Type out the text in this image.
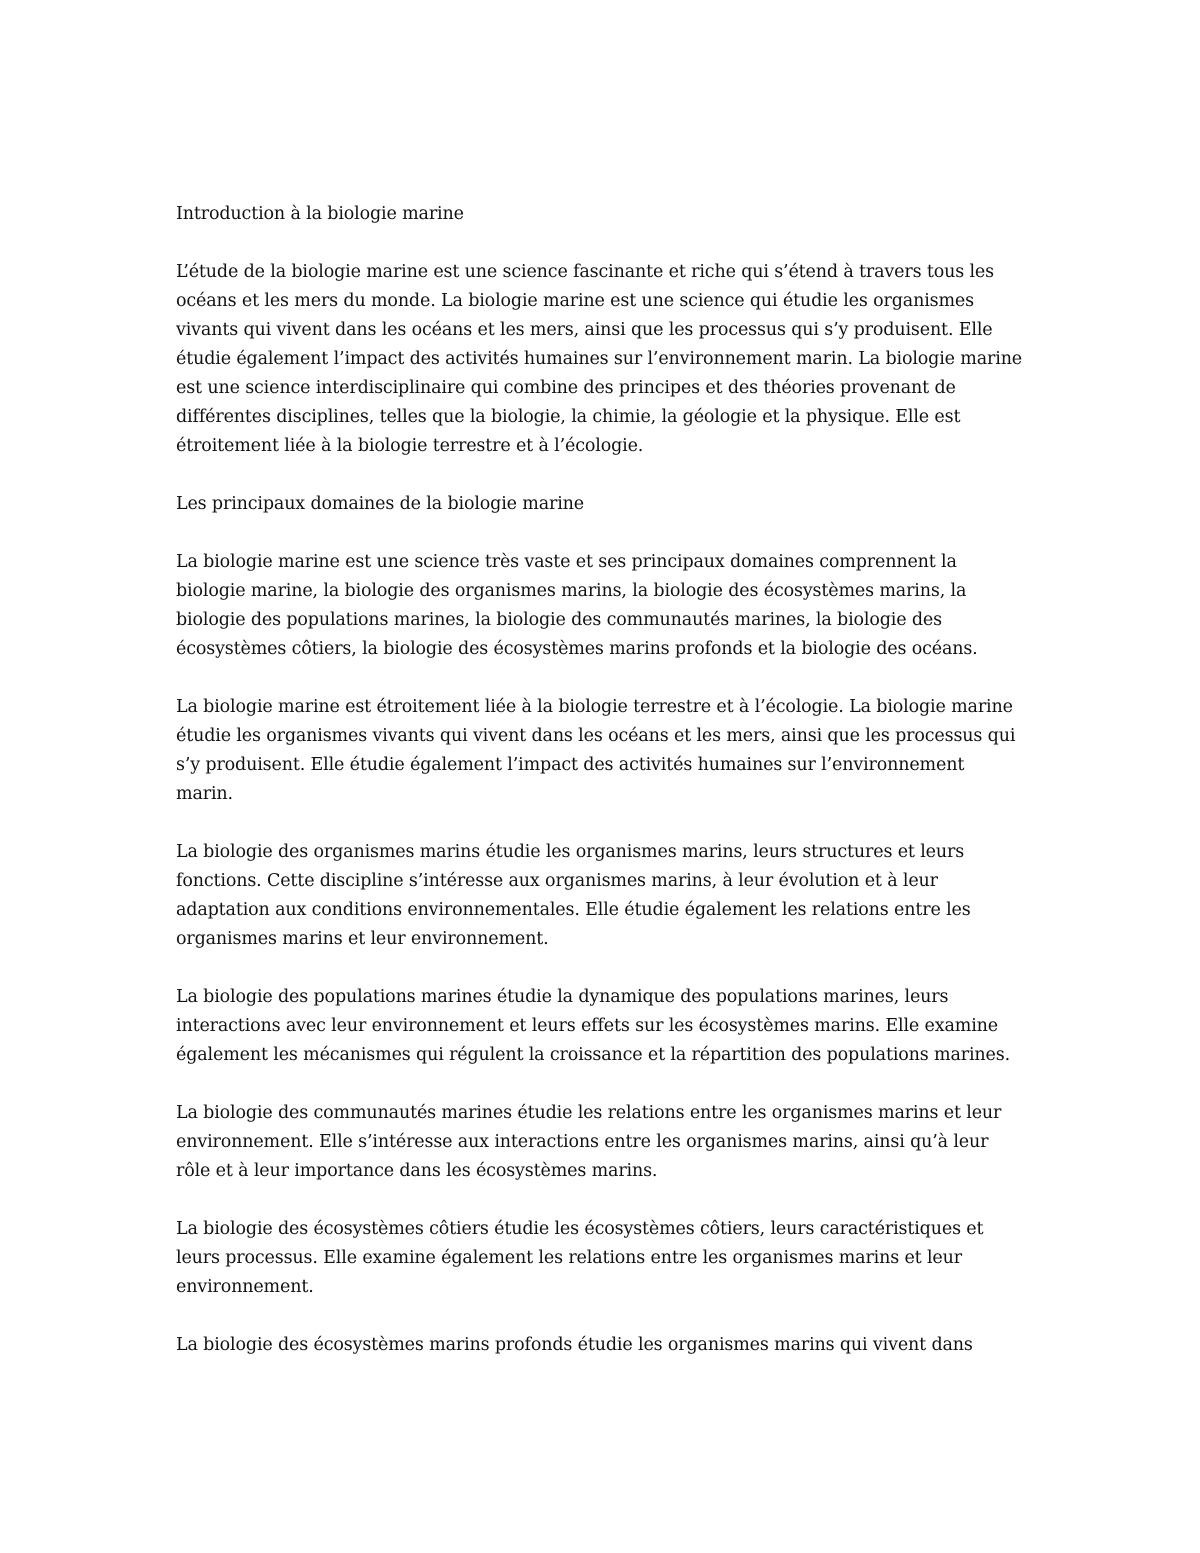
Introduction à la biologie marine

L’étude de la biologie marine est une science fascinante et riche qui s’étend à travers tous les océans et les mers du monde. La biologie marine est une science qui étudie les organismes vivants qui vivent dans les océans et les mers, ainsi que les processus qui s’y produisent. Elle étudie également l’impact des activités humaines sur l’environnement marin. La biologie marine est une science interdisciplinaire qui combine des principes et des théories provenant de différentes disciplines, telles que la biologie, la chimie, la géologie et la physique. Elle est étroitement liée à la biologie terrestre et à l’écologie.

Les principaux domaines de la biologie marine

La biologie marine est une science très vaste et ses principaux domaines comprennent la biologie marine, la biologie des organismes marins, la biologie des écosystèmes marins, la biologie des populations marines, la biologie des communautés marines, la biologie des écosystèmes côtiers, la biologie des écosystèmes marins profonds et la biologie des océans.

La biologie marine est étroitement liée à la biologie terrestre et à l’écologie. La biologie marine étudie les organismes vivants qui vivent dans les océans et les mers, ainsi que les processus qui s’y produisent. Elle étudie également l’impact des activités humaines sur l’environnement marin.

La biologie des organismes marins étudie les organismes marins, leurs structures et leurs fonctions. Cette discipline s’intéresse aux organismes marins, à leur évolution et à leur adaptation aux conditions environnementales. Elle étudie également les relations entre les organismes marins et leur environnement.

La biologie des populations marines étudie la dynamique des populations marines, leurs interactions avec leur environnement et leurs effets sur les écosystèmes marins. Elle examine également les mécanismes qui régulent la croissance et la répartition des populations marines.

La biologie des communautés marines étudie les relations entre les organismes marins et leur environnement. Elle s’intéresse aux interactions entre les organismes marins, ainsi qu’à leur rôle et à leur importance dans les écosystèmes marins.

La biologie des écosystèmes côtiers étudie les écosystèmes côtiers, leurs caractéristiques et leurs processus. Elle examine également les relations entre les organismes marins et leur environnement.

La biologie des écosystèmes marins profonds étudie les organismes marins qui vivent dans
